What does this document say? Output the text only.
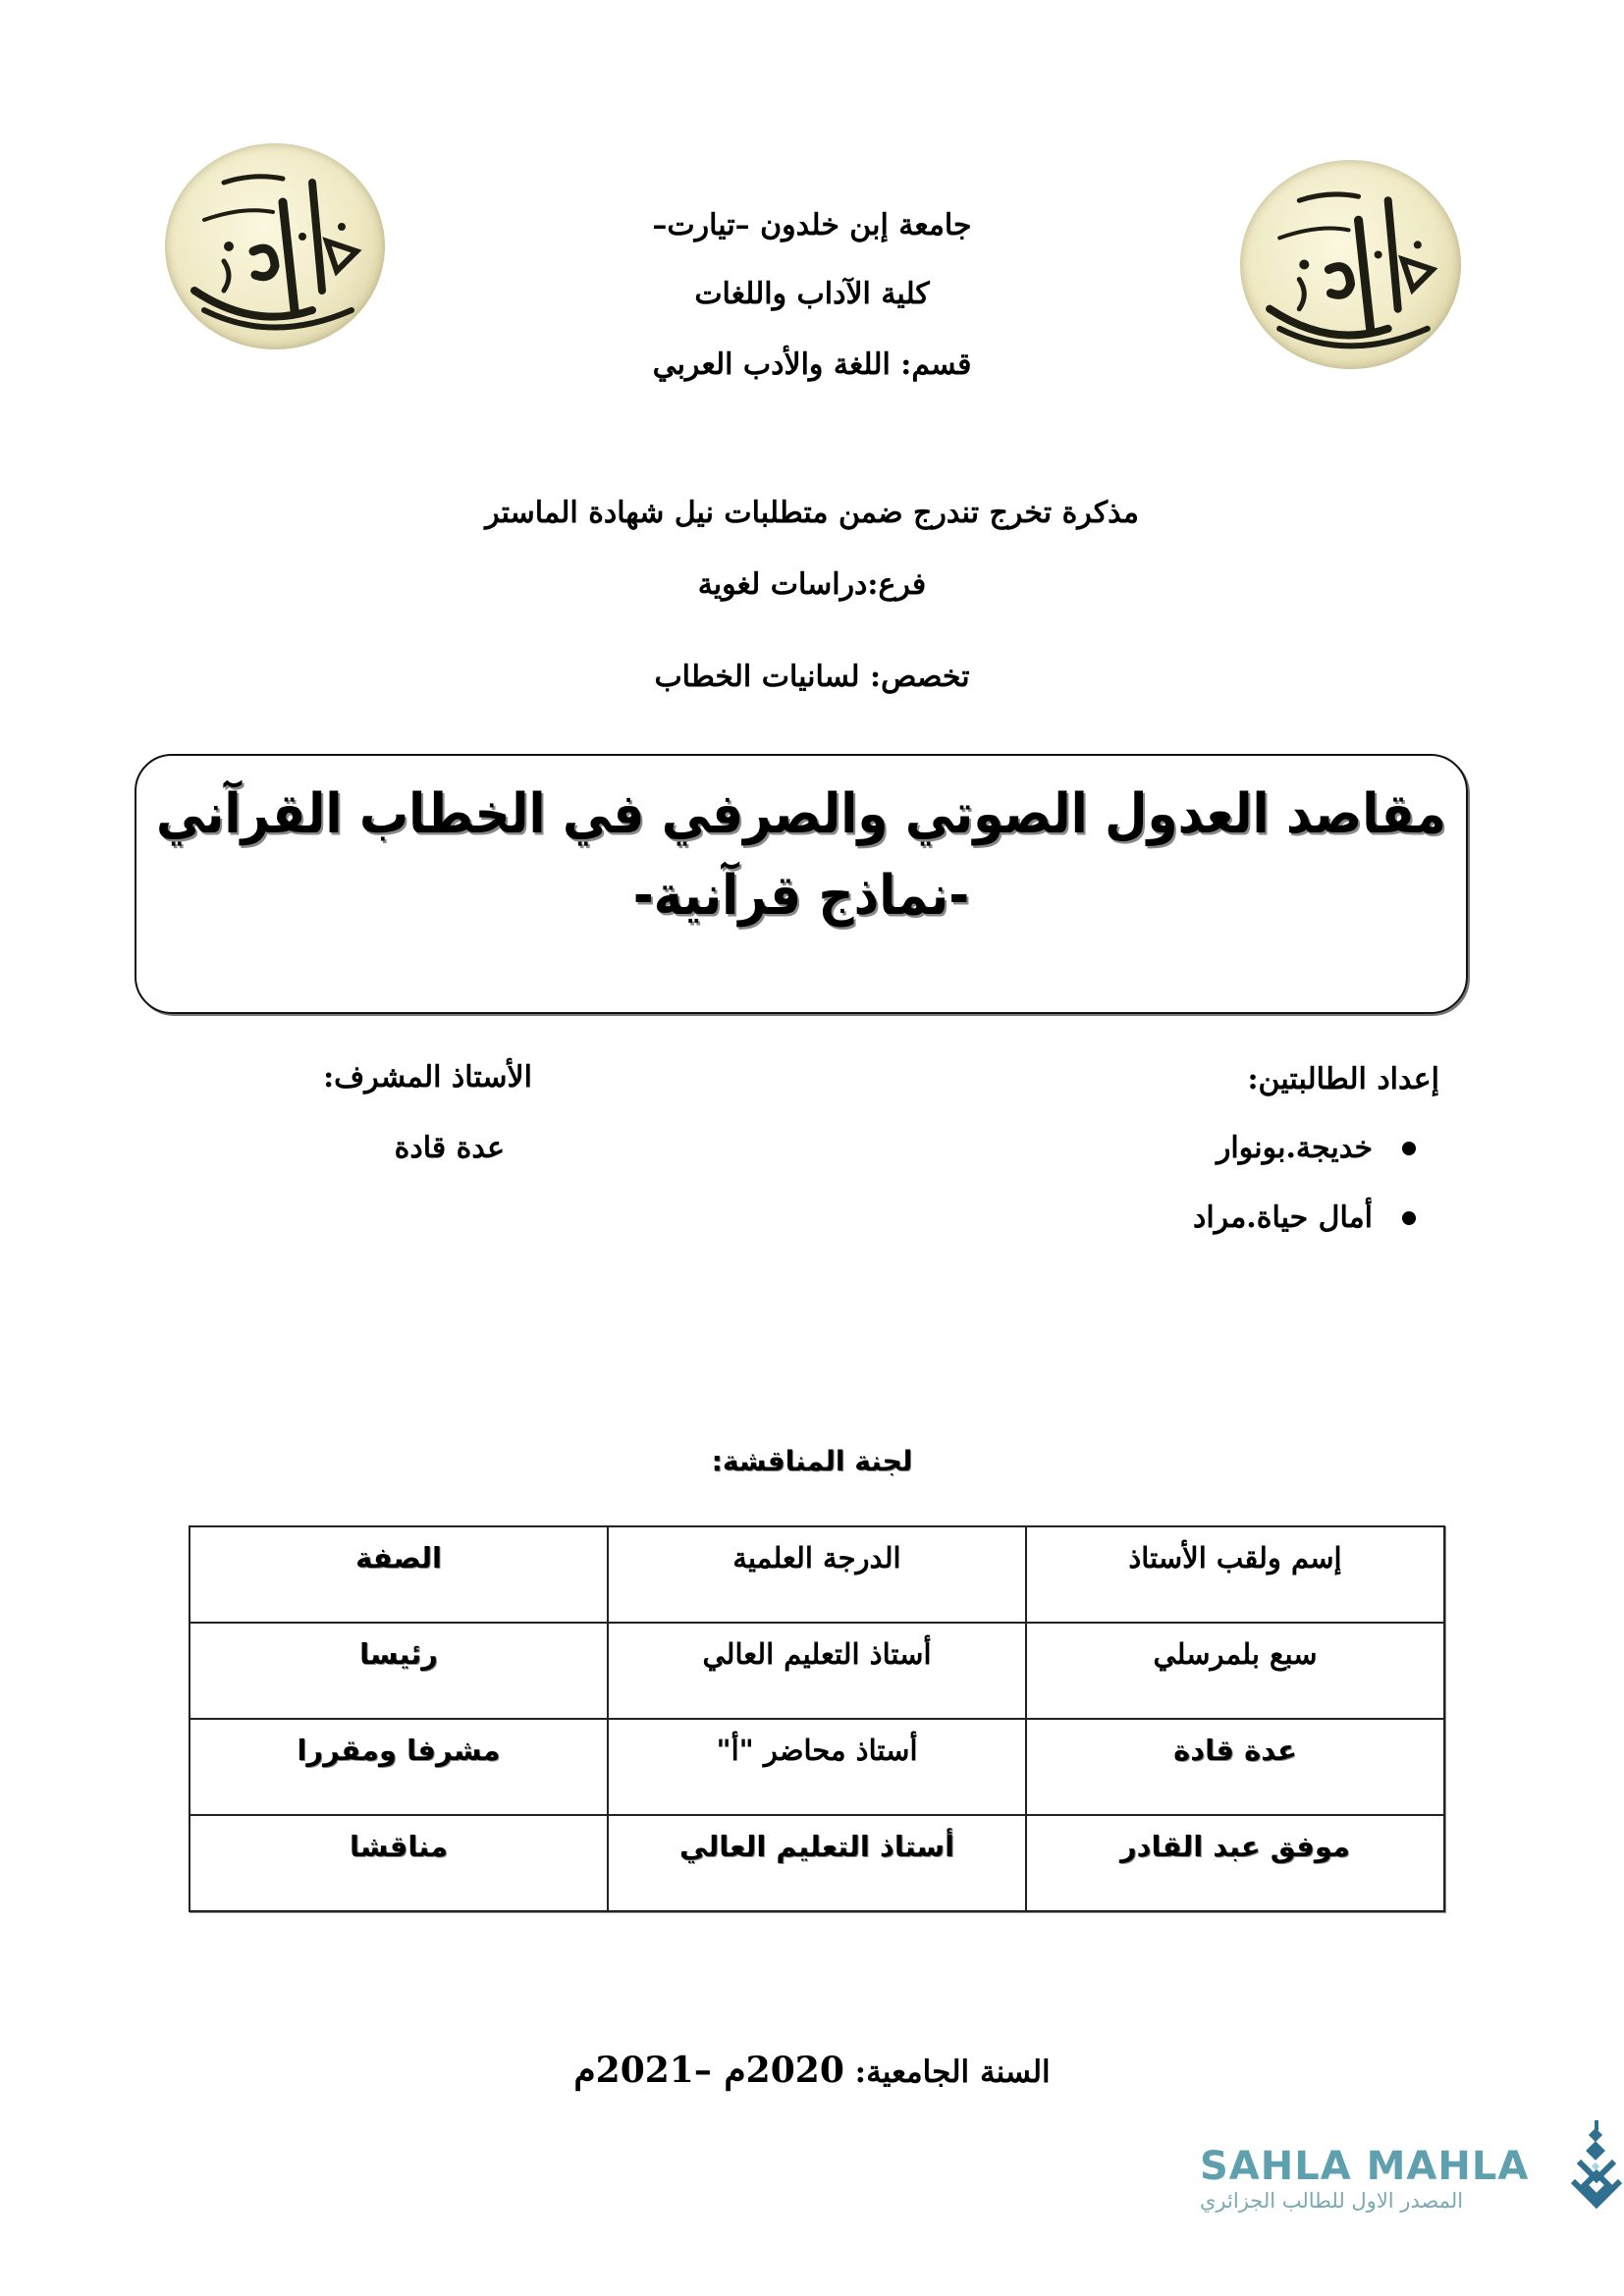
جامعة إبن خلدون –تيارت–
كلية الآداب واللغات
قسم: اللغة والأدب العربي
مذكرة تخرج تندرج ضمن متطلبات نيل شهادة الماستر
فرع:دراسات لغوية
تخصص: لسانيات الخطاب
مقاصد العدول الصوتي والصرفي في الخطاب القرآني
-نماذج قرآنية-
إعداد الطالبتين:
خديجة.بونوار
أمال حياة.مراد
الأستاذ المشرف:
عدة قادة
لجنة المناقشة:
إسم ولقب الأستاذ	الدرجة العلمية	الصفة
سبع بلمرسلي	أستاذ التعليم العالي	رئيسا
عدة قادة	أستاذ محاضر "أ"	مشرفا ومقررا
موفق عبد القادر	أستاذ التعليم العالي	مناقشا
السنة الجامعية: 2020م –2021م
SAHLA MAHLA
المصدر الاول للطالب الجزائري
